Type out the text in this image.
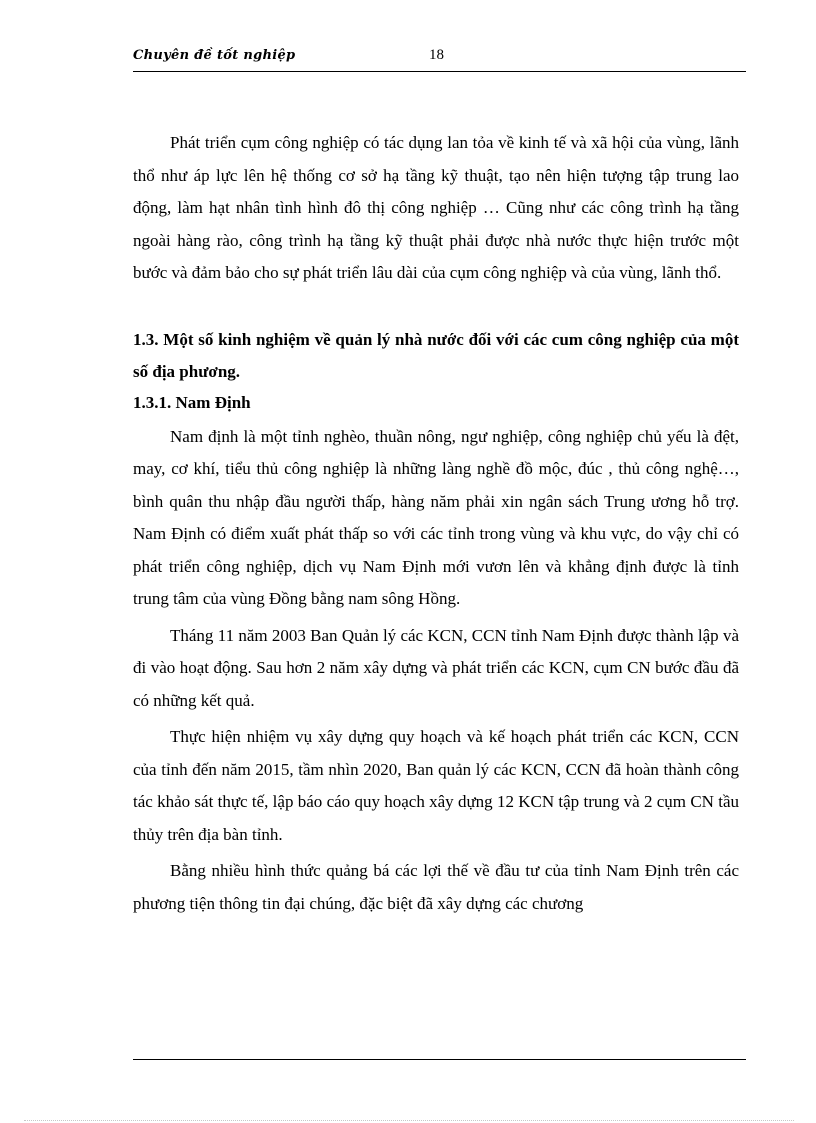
Chuyên đề tốt nghiệp	18

Phát triển cụm công nghiệp có tác dụng lan tỏa về kinh tế và xã hội của vùng, lãnh thổ như áp lực lên hệ thống cơ sở hạ tầng kỹ thuật, tạo nên hiện tượng tập trung lao động, làm hạt nhân tình hình đô thị công nghiệp … Cũng như các công trình hạ tầng ngoài hàng rào, công trình hạ tầng kỹ thuật phải được nhà nước thực hiện trước một bước và đảm bảo cho sự phát triển lâu dài của cụm công nghiệp và của vùng, lãnh thổ.

1.3. Một số kinh nghiệm về quản lý nhà nước đối với các cum công nghiệp của một số địa phương.

1.3.1. Nam Định

Nam định là một tỉnh nghèo, thuần nông, ngư nghiệp, công nghiệp chủ yếu là đệt, may, cơ khí, tiểu thủ công nghiệp là những làng nghề đồ mộc, đúc , thủ công nghệ…, bình quân thu nhập đầu người thấp, hàng năm phải xin ngân sách Trung ương hỗ trợ. Nam Định có điểm xuất phát thấp so với các tỉnh trong vùng và khu vực, do vậy chỉ có phát triển công nghiệp, dịch vụ Nam Định mới vươn lên và khẳng định được là tỉnh trung tâm của vùng Đồng bằng nam sông Hồng.

Tháng 11 năm 2003 Ban Quản lý các KCN, CCN tỉnh Nam Định được thành lập và đi vào hoạt động. Sau hơn 2 năm xây dựng và phát triển các KCN, cụm CN bước đầu đã có những kết quả.

Thực hiện nhiệm vụ xây dựng quy hoạch và kế hoạch phát triển các KCN, CCN của tỉnh đến năm 2015, tầm nhìn 2020, Ban quản lý các KCN, CCN đã hoàn thành công tác khảo sát thực tế, lập báo cáo quy hoạch xây dựng 12 KCN tập trung và 2 cụm CN tầu thủy trên địa bàn tỉnh.

Bằng nhiều hình thức quảng bá các lợi thế về đầu tư của tỉnh Nam Định trên các phương tiện thông tin đại chúng, đặc biệt đã xây dựng các chương
